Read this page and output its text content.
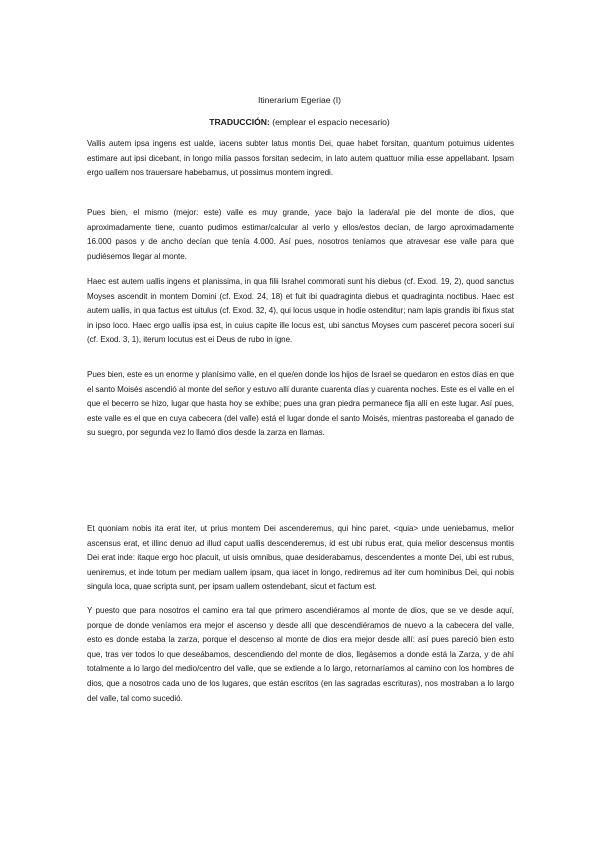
Itinerarium Egeriae (I)
TRADUCCIÓN: (emplear el espacio necesario)
Vallis autem ipsa ingens est ualde, iacens subter latus montis Dei, quae habet forsitan, quantum potuimus uidentes estimare aut ipsi dicebant, in longo milia passos forsitan sedecim, in lato autem quattuor milia esse appellabant. Ipsam ergo uallem nos trauersare habebamus, ut possimus montem ingredi.
Pues bien, el mismo (mejor: este) valle es muy grande, yace bajo la ladera/al pie del monte de dios, que aproximadamente tiene, cuanto pudimos estimar/calcular al verlo y ellos/estos decían, de largo aproximadamente 16.000 pasos y de ancho decían que tenía 4.000. Así pues, nosotros teníamos que atravesar ese valle para que pudiésemos llegar al monte.
Haec est autem uallis ingens et planissima, in qua filii Israhel commorati sunt his diebus (cf. Exod. 19, 2), quod sanctus Moyses ascendit in montem Domini (cf. Exod. 24, 18) et fuit ibi quadraginta diebus et quadraginta noctibus. Haec est autem uallis, in qua factus est uitulus (cf. Exod. 32, 4), qui locus usque in hodie ostenditur; nam lapis grandis ibi fixus stat in ipso loco. Haec ergo uallis ipsa est, in cuius capite ille locus est, ubi sanctus Moyses cum pasceret pecora soceri sui (cf. Exod. 3, 1), iterum locutus est ei Deus de rubo in igne.
Pues bien, este es un enorme y planísimo valle, en el que/en donde los hijos de Israel se quedaron en estos días en que el santo Moisés ascendió al monte del señor y estuvo allí durante cuarenta días y cuarenta noches. Este es el valle en el que el becerro se hizo, lugar que hasta hoy se exhibe; pues una gran piedra permanece fija allí en este lugar. Así pues, este valle es el que en cuya cabecera (del valle) está el lugar donde el santo Moisés, mientras pastoreaba el ganado de su suegro, por segunda vez lo llamó dios desde la zarza en llamas.
Et quoniam nobis ita erat iter, ut prius montem Dei ascenderemus, qui hinc paret, <quia> unde ueniebamus, melior ascensus erat, et illinc denuo ad illud caput uallis descenderemus, id est ubi rubus erat, quia melior descensus montis Dei erat inde: itaque ergo hoc placuit, ut uisis omnibus, quae desiderabamus, descendentes a monte Dei, ubi est rubus, ueniremus, et inde totum per mediam uallem ipsam, qua iacet in longo, rediremus ad iter cum hominibus Dei, qui nobis singula loca, quae scripta sunt, per ipsam uallem ostendebant, sicut et factum est.
Y puesto que para nosotros el camino era tal que primero ascendiéramos al monte de dios, que se ve desde aquí, porque de donde veníamos era mejor el ascenso y desde allí que descendiéramos de nuevo a la cabecera del valle, esto es donde estaba la zarza, porque el descenso al monte de dios era mejor desde allí: así pues pareció bien esto que, tras ver todos lo que deseábamos, descendiendo del monte de dios, llegásemos a donde está la Zarza, y de ahí totalmente a lo largo del medio/centro del valle, que se extiende a lo largo, retornaríamos al camino con los hombres de dios, que a nosotros cada uno de los lugares, que están escritos (en las sagradas escrituras), nos mostraban a lo largo del valle, tal como sucedió.
